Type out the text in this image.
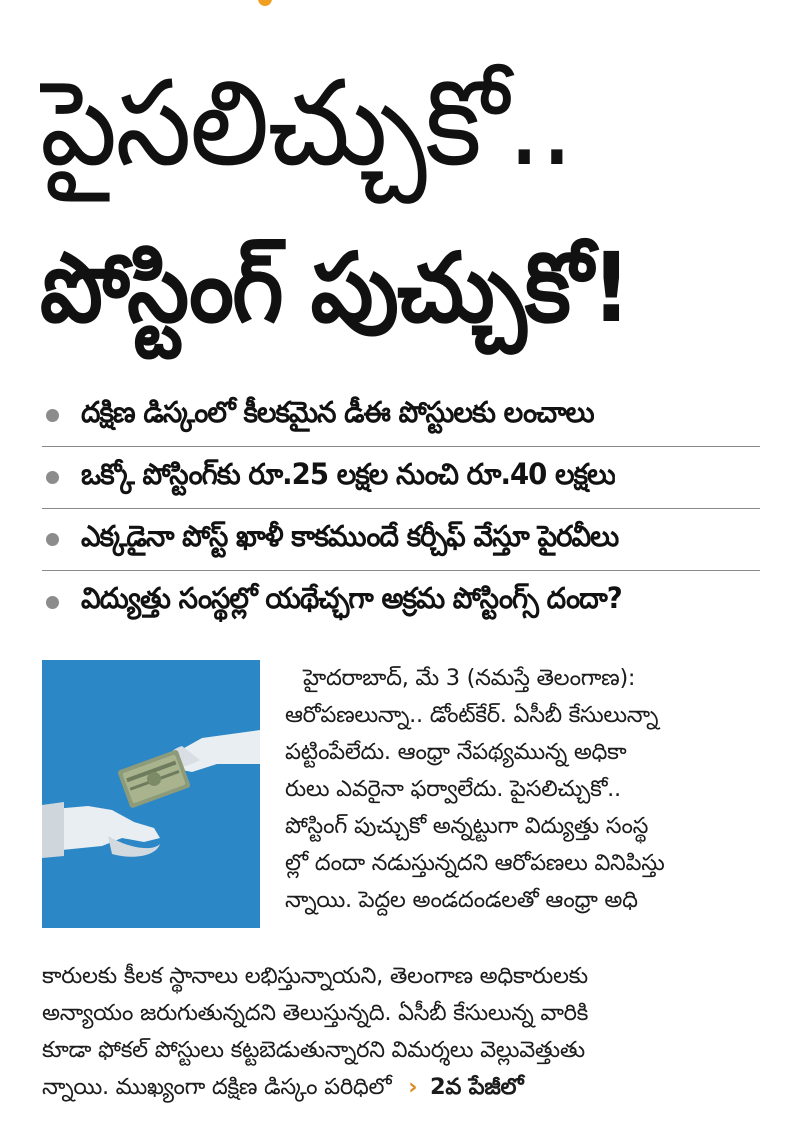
పైసలిచ్చుకో..
పోస్టింగ్ పుచ్చుకో!
దక్షిణ డిస్కంలో కీలకమైన డీఈ పోస్టులకు లంచాలు
ఒక్కో పోస్టింగ్‌కు రూ.25 లక్షల నుంచి రూ.40 లక్షలు
ఎక్కడైనా పోస్ట్ ఖాళీ కాకముందే కర్చీఫ్ వేస్తూ పైరవీలు
విద్యుత్తు సంస్థల్లో యథేచ్ఛగా అక్రమ పోస్టింగ్స్ దందా?
హైదరాబాద్, మే 3 (నమస్తే తెలంగాణ):
ఆరోపణలున్నా.. డోంట్‌కేర్. ఏసీబీ కేసులున్నా
పట్టింపేలేదు. ఆంధ్రా నేపథ్యమున్న అధికా
రులు ఎవరైనా ఫర్వాలేదు. పైసలిచ్చుకో..
పోస్టింగ్ పుచ్చుకో అన్నట్టుగా విద్యుత్తు సంస్థ
ల్లో దందా నడుస్తున్నదని ఆరోపణలు వినిపిస్తు
న్నాయి. పెద్దల అండదండలతో ఆంధ్రా అధి
కారులకు కీలక స్థానాలు లభిస్తున్నాయని, తెలంగాణ అధికారులకు
అన్యాయం జరుగుతున్నదని తెలుస్తున్నది. ఏసీబీ కేసులున్న వారికి
కూడా ఫోకల్ పోస్టులు కట్టబెడుతున్నారని విమర్శలు వెల్లువెత్తుతు
న్నాయి. ముఖ్యంగా దక్షిణ డిస్కం పరిధిలో › 2వ పేజీలో
